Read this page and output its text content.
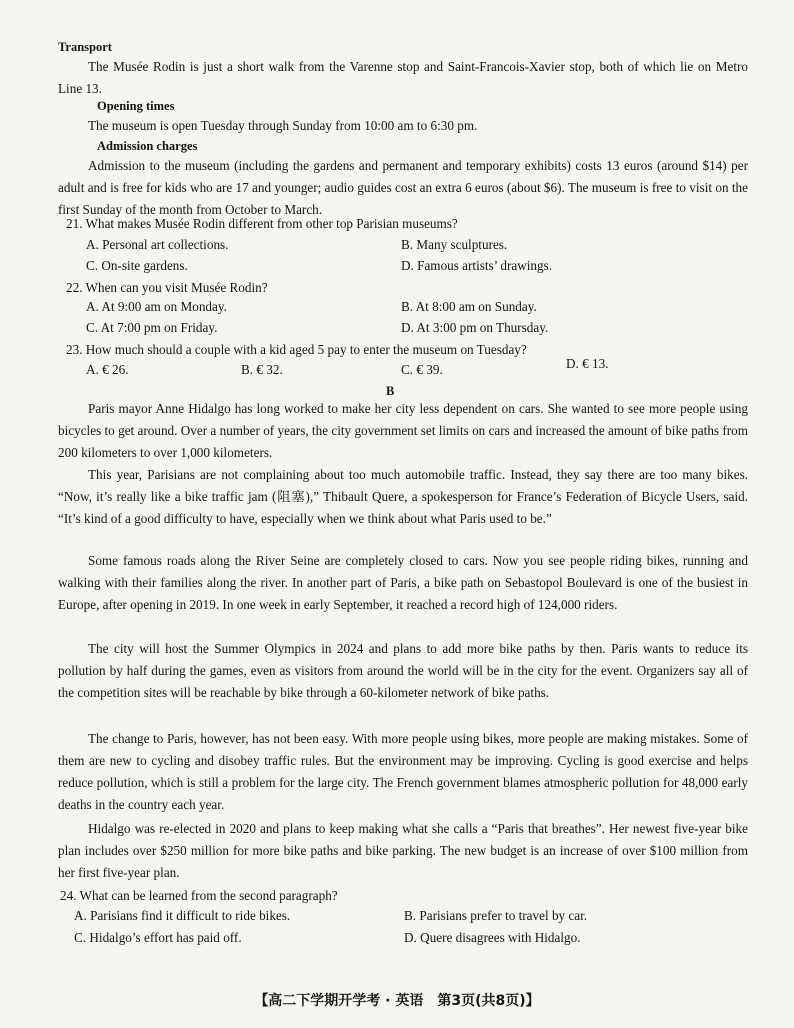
Transport
The Musée Rodin is just a short walk from the Varenne stop and Saint-Francois-Xavier stop, both of which lie on Metro Line 13.
Opening times
The museum is open Tuesday through Sunday from 10:00 am to 6:30 pm.
Admission charges
Admission to the museum (including the gardens and permanent and temporary exhibits) costs 13 euros (around $14) per adult and is free for kids who are 17 and younger; audio guides cost an extra 6 euros (about $6). The museum is free to visit on the first Sunday of the month from October to March.
21. What makes Musée Rodin different from other top Parisian museums?
A. Personal art collections.	B. Many sculptures.
C. On-site gardens.	D. Famous artists’ drawings.
22. When can you visit Musée Rodin?
A. At 9:00 am on Monday.	B. At 8:00 am on Sunday.
C. At 7:00 pm on Friday.	D. At 3:00 pm on Thursday.
23. How much should a couple with a kid aged 5 pay to enter the museum on Tuesday?
A. € 26.	B. € 32.	C. € 39.	D. € 13.
B
Paris mayor Anne Hidalgo has long worked to make her city less dependent on cars. She wanted to see more people using bicycles to get around. Over a number of years, the city government set limits on cars and increased the amount of bike paths from 200 kilometers to over 1,000 kilometers.
This year, Parisians are not complaining about too much automobile traffic. Instead, they say there are too many bikes. “Now, it’s really like a bike traffic jam (阻塞),” Thibault Quere, a spokesperson for France’s Federation of Bicycle Users, said. “It’s kind of a good difficulty to have, especially when we think about what Paris used to be.”
Some famous roads along the River Seine are completely closed to cars. Now you see people riding bikes, running and walking with their families along the river. In another part of Paris, a bike path on Sebastopol Boulevard is one of the busiest in Europe, after opening in 2019. In one week in early September, it reached a record high of 124,000 riders.
The city will host the Summer Olympics in 2024 and plans to add more bike paths by then. Paris wants to reduce its pollution by half during the games, even as visitors from around the world will be in the city for the event. Organizers say all of the competition sites will be reachable by bike through a 60-kilometer network of bike paths.
The change to Paris, however, has not been easy. With more people using bikes, more people are making mistakes. Some of them are new to cycling and disobey traffic rules. But the environment may be improving. Cycling is good exercise and helps reduce pollution, which is still a problem for the large city. The French government blames atmospheric pollution for 48,000 early deaths in the country each year.
Hidalgo was re-elected in 2020 and plans to keep making what she calls a “Paris that breathes”. Her newest five-year bike plan includes over $250 million for more bike paths and bike parking. The new budget is an increase of over $100 million from her first five-year plan.
24. What can be learned from the second paragraph?
A. Parisians find it difficult to ride bikes.	B. Parisians prefer to travel by car.
C. Hidalgo’s effort has paid off.	D. Quere disagrees with Hidalgo.
【高二下学期开学考 · 英语　第3页(共8页)】
